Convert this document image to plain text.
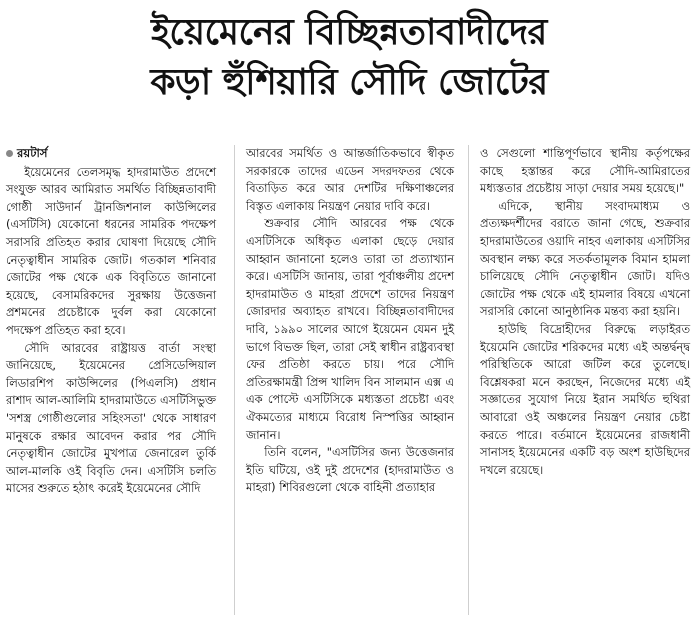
ইয়েমেনের বিচ্ছিন্নতাবাদীদের
কড়া হুঁশিয়ারি সৌদি জোটের
রয়টার্স

ইয়েমেনের তেলসমৃদ্ধ হাদরামাউত প্রদেশে সংযুক্ত আরব আমিরাত সমর্থিত বিচ্ছিন্নতাবাদী গোষ্ঠী সাউদার্ন ট্রানজিশনাল কাউন্সিলের (এসটিসি) যেকোনো ধরনের সামরিক পদক্ষেপ সরাসরি প্রতিহত করার ঘোষণা দিয়েছে সৌদি নেতৃত্বাধীন সামরিক জোট। গতকাল শনিবার জোটের পক্ষ থেকে এক বিবৃতিতে জানানো হয়েছে, বেসামরিকদের সুরক্ষায় উত্তেজনা প্রশমনের প্রচেষ্টাকে দুর্বল করা যেকোনো পদক্ষেপ প্রতিহত করা হবে।

সৌদি আরবের রাষ্ট্রায়ত্ত বার্তা সংস্থা জানিয়েছে, ইয়েমেনের প্রেসিডেন্সিয়াল লিডারশিপ কাউন্সিলের (পিএলসি) প্রধান রাশাদ আল-আলিমি হাদরামাউতে এসটিসিভুক্ত 'সশস্ত্র গোষ্ঠীগুলোর সহিংসতা' থেকে সাধারণ মানুষকে রক্ষার আবেদন করার পর সৌদি নেতৃত্বাধীন জোটের মুখপাত্র জেনারেল তুর্কি আল-মালকি ওই বিবৃতি দেন। এসটিসি চলতি মাসের শুরুতে হঠাৎ করেই ইয়েমেনের সৌদি

আরবের সমর্থিত ও আন্তর্জাতিকভাবে স্বীকৃত সরকারকে তাদের এডেন সদরদফতর থেকে বিতাড়িত করে আর দেশটির দক্ষিণাঞ্চলের বিস্তৃত এলাকায় নিয়ন্ত্রণ নেয়ার দাবি করে।

শুক্রবার সৌদি আরবের পক্ষ থেকে এসটিসিকে অধিকৃত এলাকা ছেড়ে দেয়ার আহ্বান জানানো হলেও তারা তা প্রত্যাখ্যান করে। এসটিসি জানায়, তারা পূর্বাঞ্চলীয় প্রদেশ হাদরামাউত ও মাহরা প্রদেশে তাদের নিয়ন্ত্রণ জোরদার অব্যাহত রাখবে। বিচ্ছিন্নতাবাদীদের দাবি, ১৯৯০ সালের আগে ইয়েমেন যেমন দুই ভাগে বিভক্ত ছিল, তারা সেই স্বাধীন রাষ্ট্রব্যবস্থা ফের প্রতিষ্ঠা করতে চায়। পরে সৌদি প্রতিরক্ষামন্ত্রী প্রিন্স খালিদ বিন সালমান এক্স এ এক পোস্টে এসটিসিকে মধ্যস্ততা প্রচেষ্টা এবং ঐকমত্যের মাধ্যমে বিরোধ নিস্পত্তির আহ্বান জানান।

তিনি বলেন, "এসটিসির জন্য উত্তেজনার ইতি ঘটিয়ে, ওই দুই প্রদেশের (হাদরামাউত ও মাহরা) শিবিরগুলো থেকে বাহিনী প্রত্যাহার

ও সেগুলো শান্তিপূর্ণভাবে স্থানীয় কর্তৃপক্ষের কাছে হস্তান্তর করে সৌদি-আমিরাতের মধ্যস্ততার প্রচেষ্টায় সাড়া দেয়ার সময় হয়েছে।"

এদিকে, স্থানীয় সংবাদমাধ্যম ও প্রত্যক্ষদর্শীদের বরাতে জানা গেছে, শুক্রবার হাদরামাউতের ওয়াদি নাহব এলাকায় এসটিসির অবস্থান লক্ষ্য করে সতর্কতামূলক বিমান হামলা চালিয়েছে সৌদি নেতৃত্বাধীন জোট। যদিও জোটের পক্ষ থেকে এই হামলার বিষয়ে এখনো সরাসরি কোনো আনুষ্ঠানিক মন্তব্য করা হয়নি।

হাউছি বিদ্রোহীদের বিরুদ্ধে লড়াইরত ইয়েমেনি জোটের শরিকদের মধ্যে এই অন্তর্দ্বন্দ্ব পরিস্থিতিকে আরো জটিল করে তুলেছে। বিশ্লেষকরা মনে করছেন, নিজেদের মধ্যে এই সজ্ঞাতের সুযোগ নিয়ে ইরান সমর্থিত হুথিরা আবারো ওই অঞ্চলের নিয়ন্ত্রণ নেয়ার চেষ্টা করতে পারে। বর্তমানে ইয়েমেনের রাজধানী সানাসহ ইয়েমেনের একটি বড় অংশ হাউছিদের দখলে রয়েছে।
